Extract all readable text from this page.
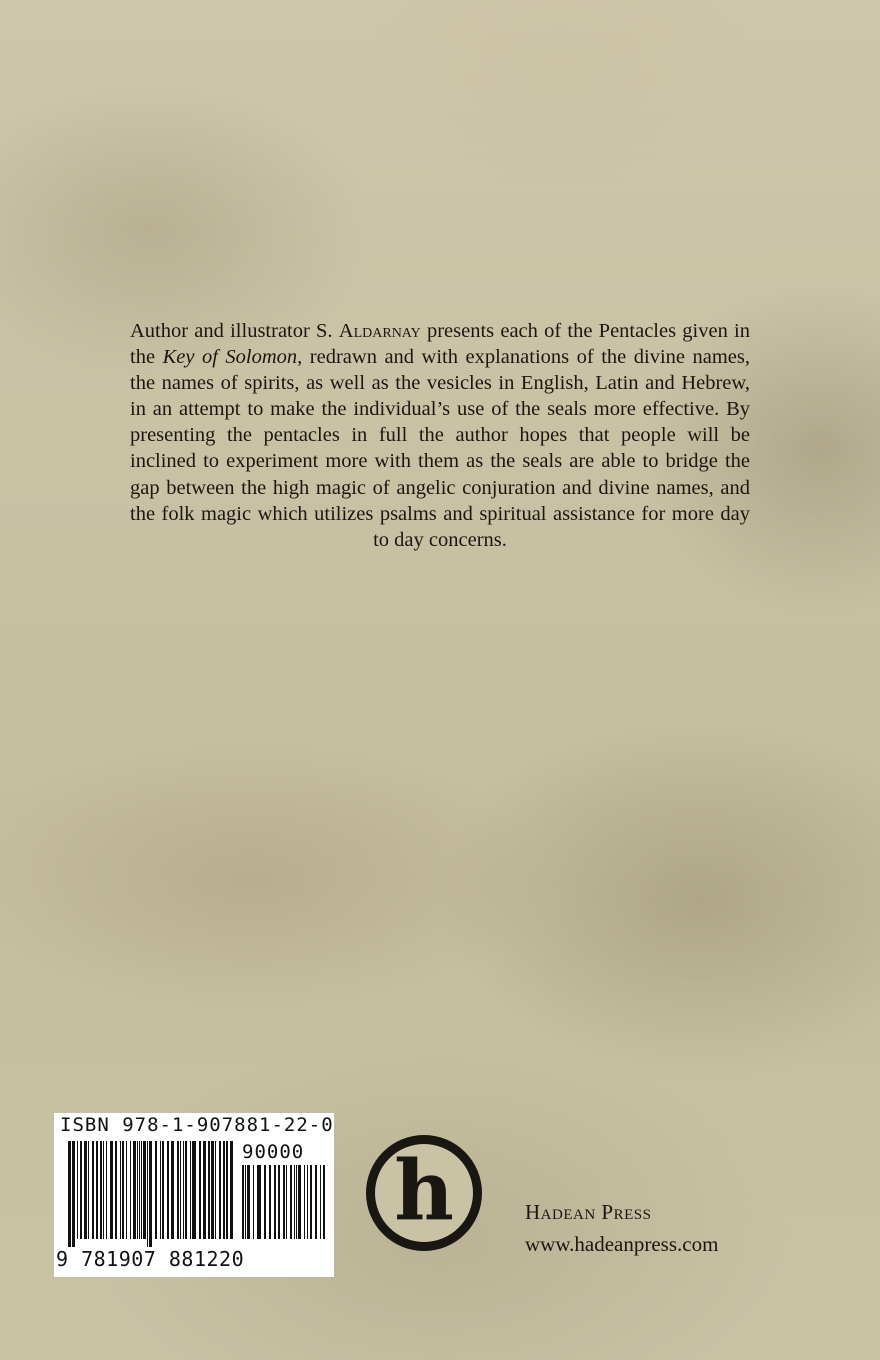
Author and illustrator S. Aldarnay presents each of the Pentacles given in the Key of Solomon, redrawn and with explanations of the divine names, the names of spirits, as well as the vesicles in English, Latin and Hebrew, in an attempt to make the individual’s use of the seals more effective. By presenting the pentacles in full the author hopes that people will be inclined to experiment more with them as the seals are able to bridge the gap between the high magic of angelic conjuration and divine names, and the folk magic which utilizes psalms and spiritual assistance for more day to day concerns.

ISBN 978-1-907881-22-0
90000
9 781907 881220
h	Hadean Press

www.hadeanpress.com
